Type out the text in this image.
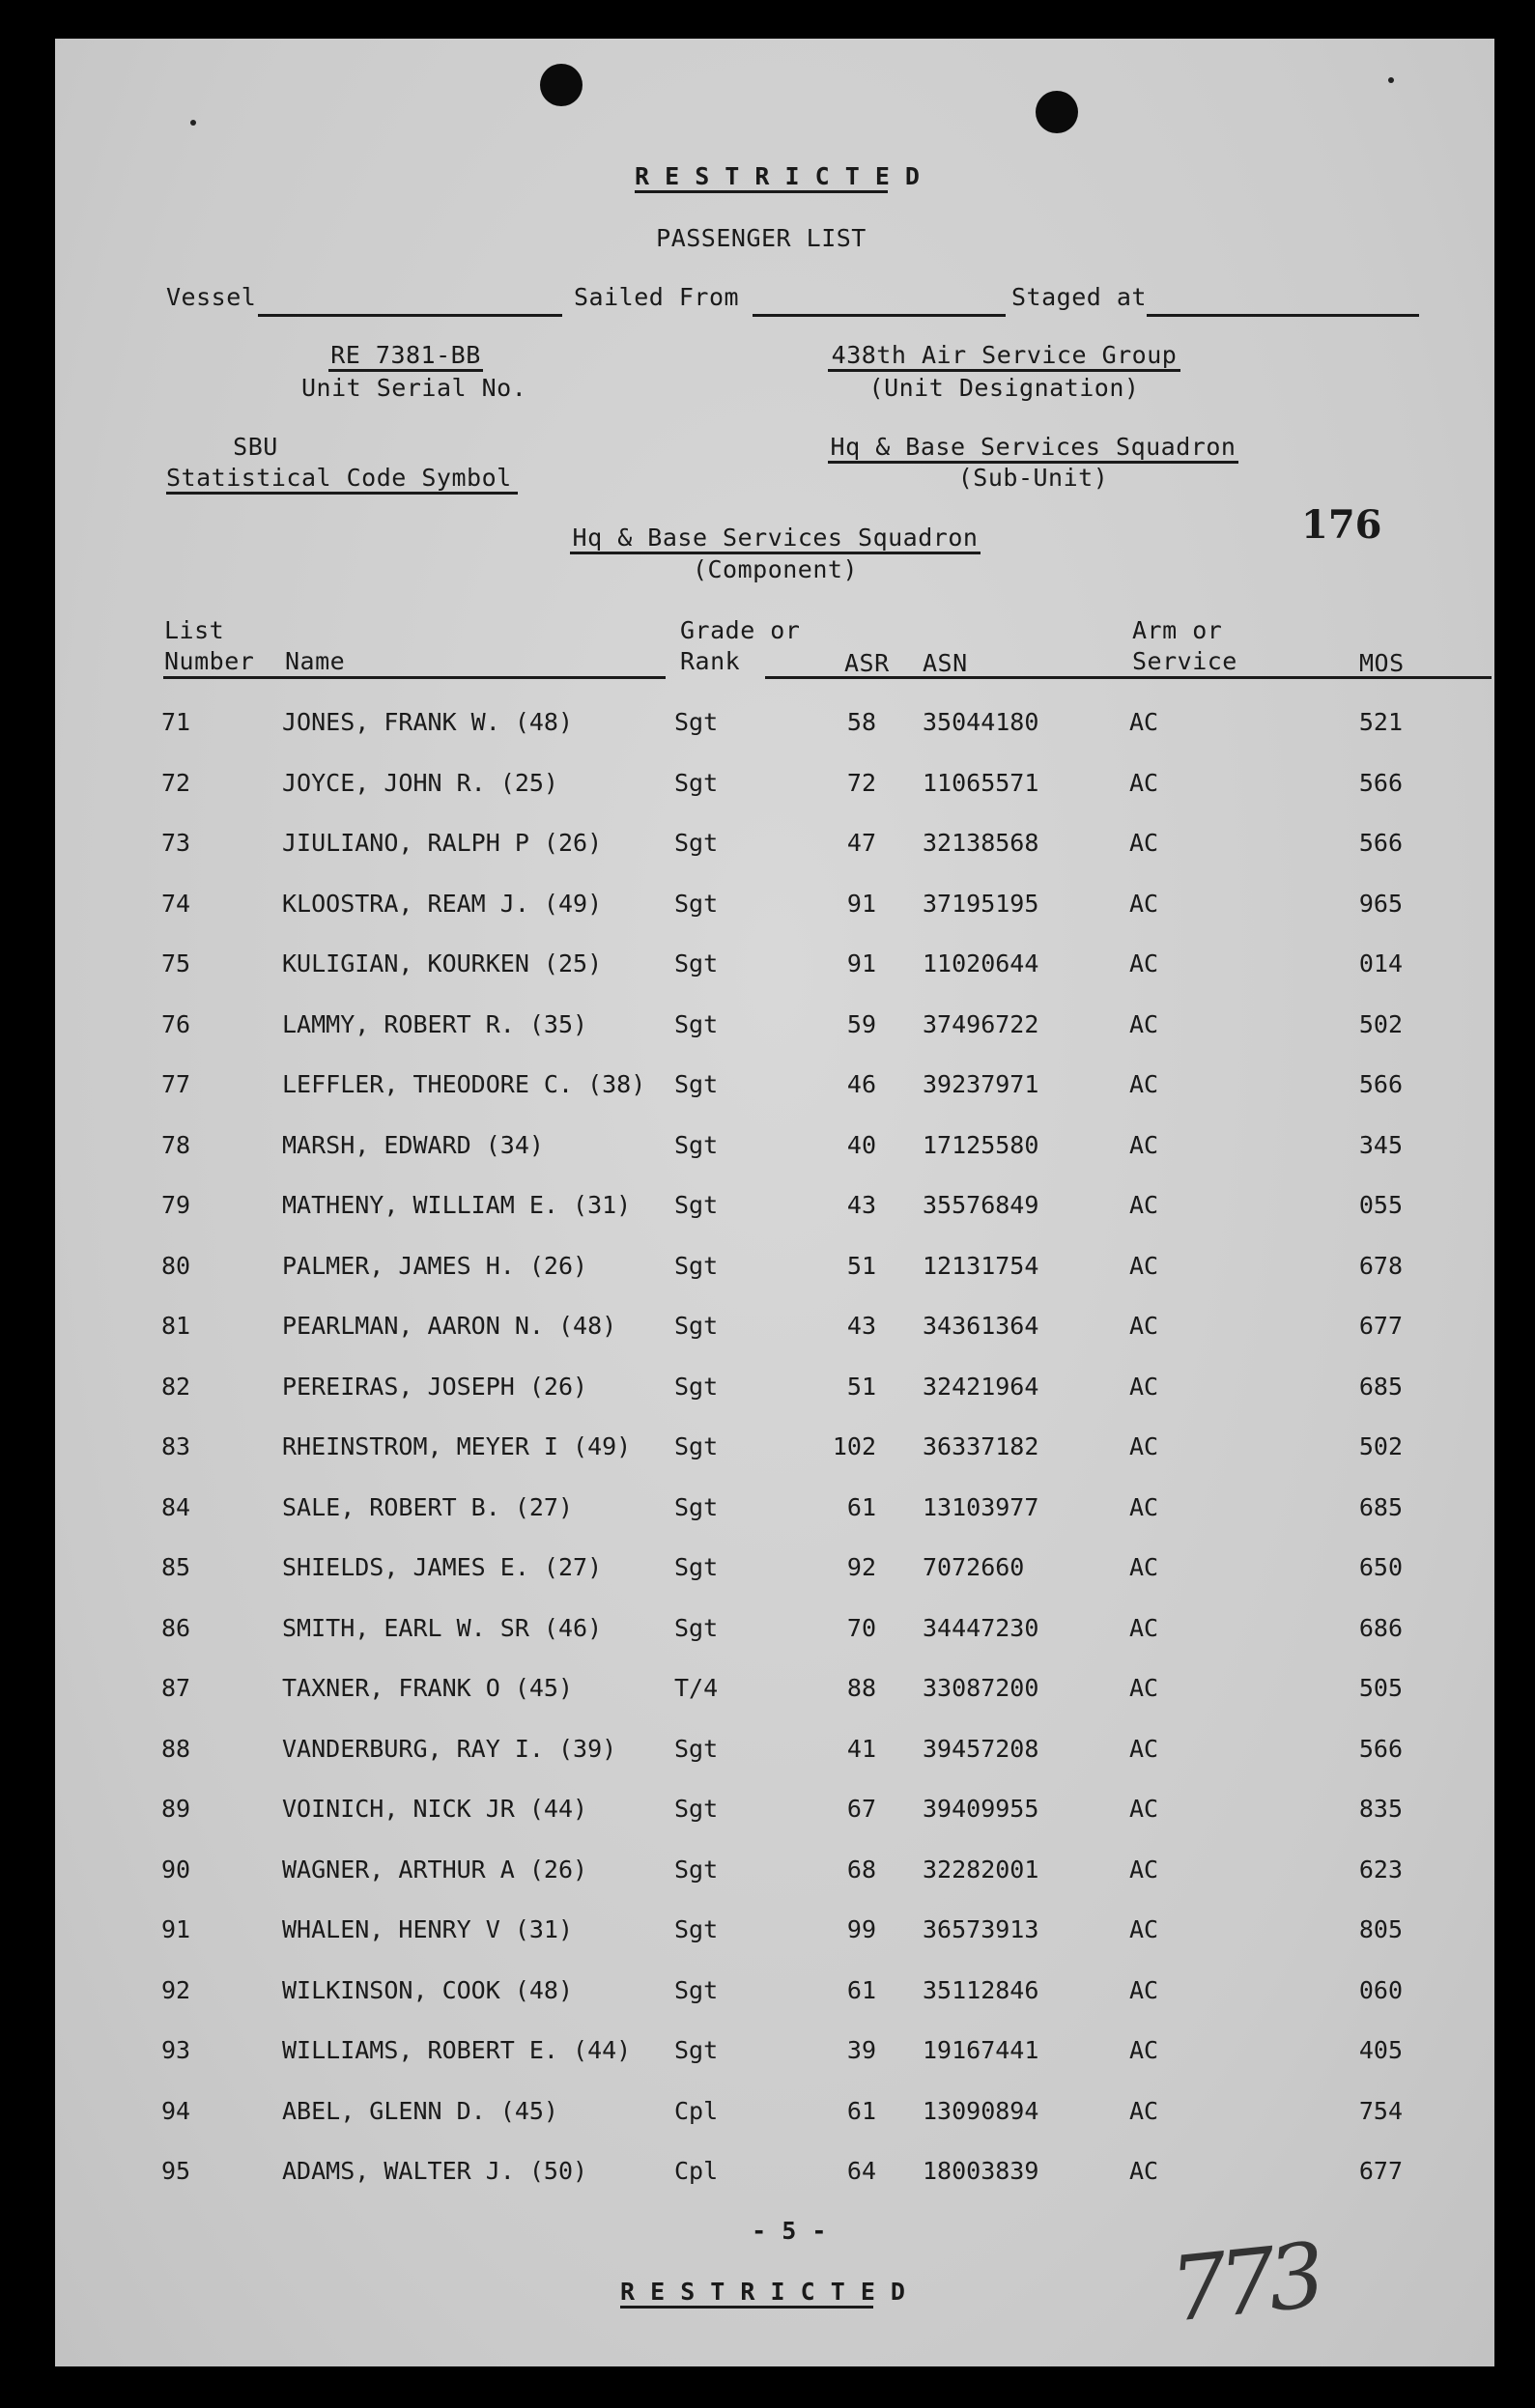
R E S T R I C T E D
PASSENGER LIST
Vessel	Sailed From	Staged at
RE 7381-BB
Unit Serial No.
438th Air Service Group
(Unit Designation)
SBU
Statistical Code Symbol
Hq & Base Services Squadron
(Sub-Unit)
176
Hq & Base Services Squadron
(Component)
List
Number Name
Grade or
Rank	ASR ASN
Arm or
Service	MOS
71	JONES, FRANK W. (48)	Sgt	58 35044180	AC	521
72	JOYCE, JOHN R. (25)	Sgt	72 11065571	AC	566
73	JIULIANO, RALPH P (26)	Sgt	47 32138568	AC	566
74	KLOOSTRA, REAM J. (49)	Sgt	91 37195195	AC	965
75	KULIGIAN, KOURKEN (25)	Sgt	91 11020644	AC	014
76	LAMMY, ROBERT R. (35)	Sgt	59 37496722	AC	502
77	LEFFLER, THEODORE C. (38) Sgt	46 39237971	AC	566
78	MARSH, EDWARD (34)	Sgt	40 17125580	AC	345
79	MATHENY, WILLIAM E. (31) Sgt	43 35576849	AC	055
80	PALMER, JAMES H. (26)	Sgt	51 12131754	AC	678
81	PEARLMAN, AARON N. (48) Sgt	43 34361364	AC	677
82	PEREIRAS, JOSEPH (26)	Sgt	51 32421964	AC	685
83	RHEINSTROM, MEYER I (49) Sgt	102 36337182	AC	502
84	SALE, ROBERT B. (27)	Sgt	61 13103977	AC	685
85	SHIELDS, JAMES E. (27)	Sgt	92 7072660	AC	650
86	SMITH, EARL W. SR (46)	Sgt	70 34447230	AC	686
87	TAXNER, FRANK O (45)	T/4	88 33087200	AC	505
88	VANDERBURG, RAY I. (39) Sgt	41 39457208	AC	566
89	VOINICH, NICK JR (44)	Sgt	67 39409955	AC	835
90	WAGNER, ARTHUR A (26)	Sgt	68 32282001	AC	623
91	WHALEN, HENRY V (31)	Sgt	99 36573913	AC	805
92	WILKINSON, COOK (48)	Sgt	61 35112846	AC	060
93	WILLIAMS, ROBERT E. (44) Sgt	39 19167441	AC	405
94	ABEL, GLENN D. (45)	Cpl	61 13090894	AC	754
95	ADAMS, WALTER J. (50)	Cpl	64 18003839	AC	677
- 5 -
R E S T R I C T E D	773
